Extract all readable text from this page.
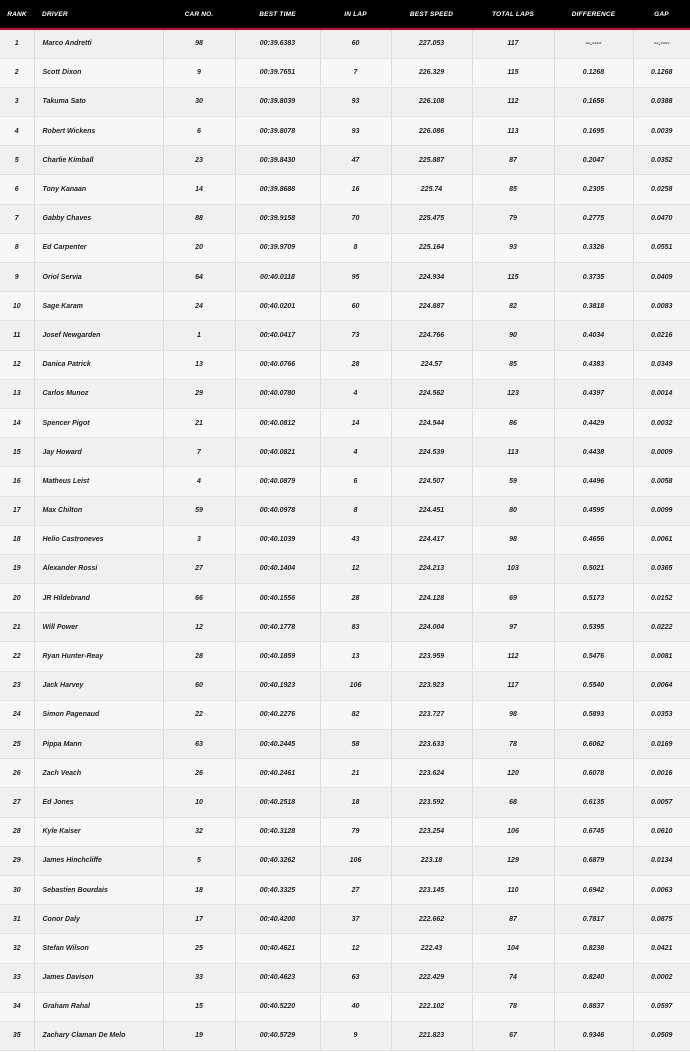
RANK	DRIVER	CAR NO.	BEST TIME	IN LAP	BEST SPEED	TOTAL LAPS	DIFFERENCE	GAP
1	Marco Andretti	98	00:39.6383	60	227.053	117	--.----	--.----
2	Scott Dixon	9	00:39.7651	7	226.329	115	0.1268	0.1268
3	Takuma Sato	30	00:39.8039	93	226.108	112	0.1656	0.0388
4	Robert Wickens	6	00:39.8078	93	226.086	113	0.1695	0.0039
5	Charlie Kimball	23	00:39.8430	47	225.887	87	0.2047	0.0352
6	Tony Kanaan	14	00:39.8688	16	225.74	85	0.2305	0.0258
7	Gabby Chaves	88	00:39.9158	70	225.475	79	0.2775	0.0470
8	Ed Carpenter	20	00:39.9709	8	225.164	93	0.3326	0.0551
9	Oriol Servia	64	00:40.0118	95	224.934	115	0.3735	0.0409
10	Sage Karam	24	00:40.0201	60	224.887	82	0.3818	0.0083
11	Josef Newgarden	1	00:40.0417	73	224.766	90	0.4034	0.0216
12	Danica Patrick	13	00:40.0766	28	224.57	85	0.4383	0.0349
13	Carlos Munoz	29	00:40.0780	4	224.562	123	0.4397	0.0014
14	Spencer Pigot	21	00:40.0812	14	224.544	86	0.4429	0.0032
15	Jay Howard	7	00:40.0821	4	224.539	113	0.4438	0.0009
16	Matheus Leist	4	00:40.0879	6	224.507	59	0.4496	0.0058
17	Max Chilton	59	00:40.0978	8	224.451	80	0.4595	0.0099
18	Helio Castroneves	3	00:40.1039	43	224.417	98	0.4656	0.0061
19	Alexander Rossi	27	00:40.1404	12	224.213	103	0.5021	0.0365
20	JR Hildebrand	66	00:40.1556	28	224.128	69	0.5173	0.0152
21	Will Power	12	00:40.1778	83	224.004	97	0.5395	0.0222
22	Ryan Hunter-Reay	28	00:40.1859	13	223.959	112	0.5476	0.0081
23	Jack Harvey	60	00:40.1923	106	223.923	117	0.5540	0.0064
24	Simon Pagenaud	22	00:40.2276	82	223.727	98	0.5893	0.0353
25	Pippa Mann	63	00:40.2445	58	223.633	78	0.6062	0.0169
26	Zach Veach	26	00:40.2461	21	223.624	120	0.6078	0.0016
27	Ed Jones	10	00:40.2518	18	223.592	68	0.6135	0.0057
28	Kyle Kaiser	32	00:40.3128	79	223.254	106	0.6745	0.0610
29	James Hinchcliffe	5	00:40.3262	106	223.18	129	0.6879	0.0134
30	Sebastien Bourdais	18	00:40.3325	27	223.145	110	0.6942	0.0063
31	Conor Daly	17	00:40.4200	37	222.662	87	0.7817	0.0875
32	Stefan Wilson	25	00:40.4621	12	222.43	104	0.8238	0.0421
33	James Davison	33	00:40.4623	63	222.429	74	0.8240	0.0002
34	Graham Rahal	15	00:40.5220	40	222.102	78	0.8837	0.0597
35	Zachary Claman De Melo	19	00:40.5729	9	221.823	67	0.9346	0.0509
